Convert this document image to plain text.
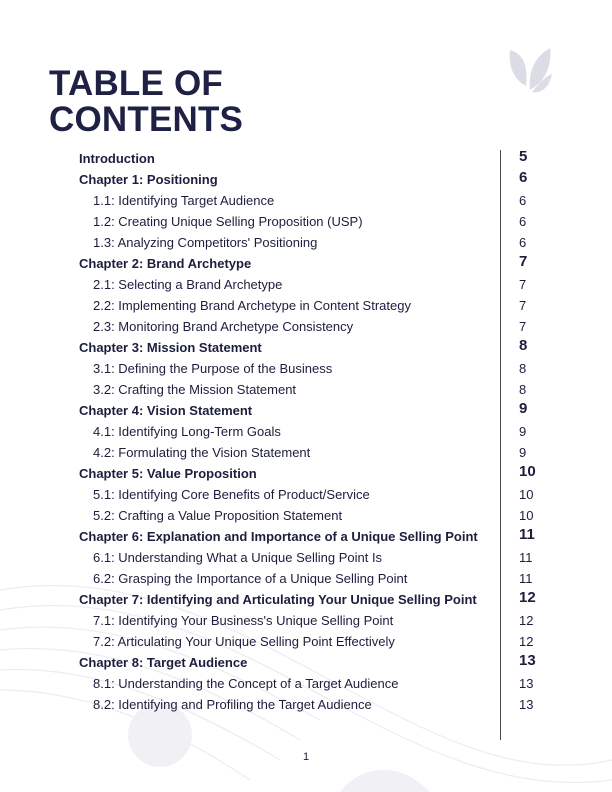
TABLE OF
CONTENTS
Introduction	5
Chapter 1: Positioning	6
1.1: Identifying Target Audience	6
1.2: Creating Unique Selling Proposition (USP)	6
1.3: Analyzing Competitors' Positioning	6
Chapter 2: Brand Archetype	7
2.1: Selecting a Brand Archetype	7
2.2: Implementing Brand Archetype in Content Strategy	7
2.3: Monitoring Brand Archetype Consistency	7
Chapter 3: Mission Statement	8
3.1: Defining the Purpose of the Business	8
3.2: Crafting the Mission Statement	8
Chapter 4: Vision Statement	9
4.1: Identifying Long-Term Goals	9
4.2: Formulating the Vision Statement	9
Chapter 5: Value Proposition	10
5.1: Identifying Core Benefits of Product/Service	10
5.2: Crafting a Value Proposition Statement	10
Chapter 6: Explanation and Importance of a Unique Selling Point	11
6.1: Understanding What a Unique Selling Point Is	11
6.2: Grasping the Importance of a Unique Selling Point	11
Chapter 7: Identifying and Articulating Your Unique Selling Point	12
7.1: Identifying Your Business's Unique Selling Point	12
7.2: Articulating Your Unique Selling Point Effectively	12
Chapter 8: Target Audience	13
8.1: Understanding the Concept of a Target Audience	13
8.2: Identifying and Profiling the Target Audience	13
1
